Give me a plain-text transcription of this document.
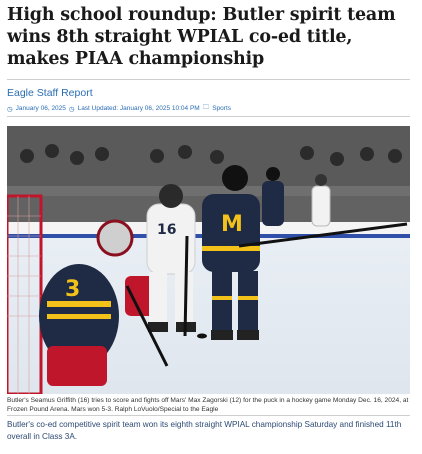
High school roundup: Butler spirit team wins 8th straight WPIAL co-ed title, makes PIAA championship
Eagle Staff Report
◷ January 06, 2025 ◷ Last Updated: January 06, 2025 10:04 PM 🗀 Sports
3
16 M
Butler's Seamus Griffith (16) tries to score and fights off Mars' Max Zagorski (12) for the puck in a hockey game Monday Dec. 16, 2024, at Frozen Pound Arena. Mars won 5-3. Ralph LoVuolo/Special to the Eagle
Butler's co-ed competitive spirit team won its eighth straight WPIAL championship Saturday and finished 11th overall in Class 3A.
